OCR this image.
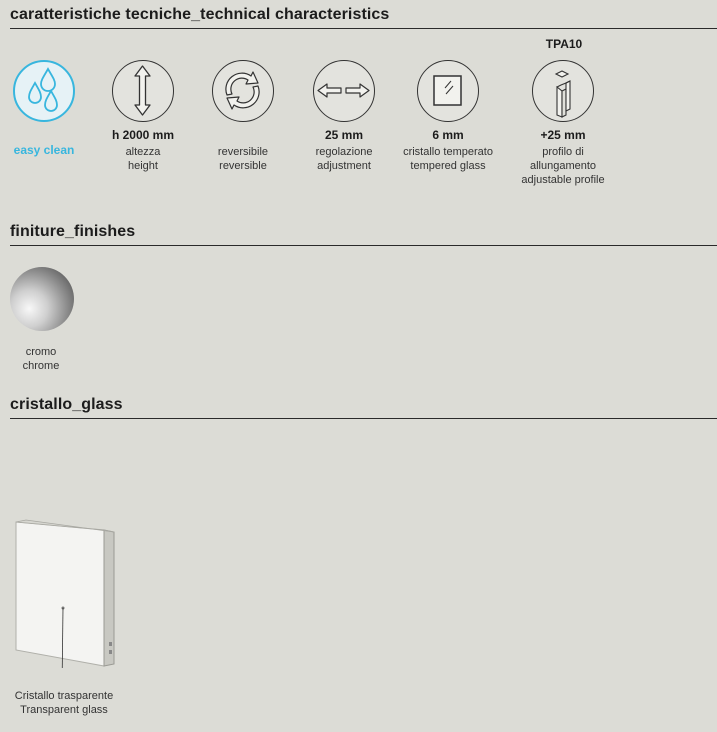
caratteristiche tecniche_technical characteristics
TPA10
easy clean
h 2000 mm
altezza
height
reversibile
reversible
25 mm
regolazione
adjustment
6 mm
cristallo temperato
tempered glass
+25 mm
profilo di allungamento
adjustable profile
finiture_finishes
cromo
chrome
cristallo_glass
Cristallo trasparente
Transparent glass
